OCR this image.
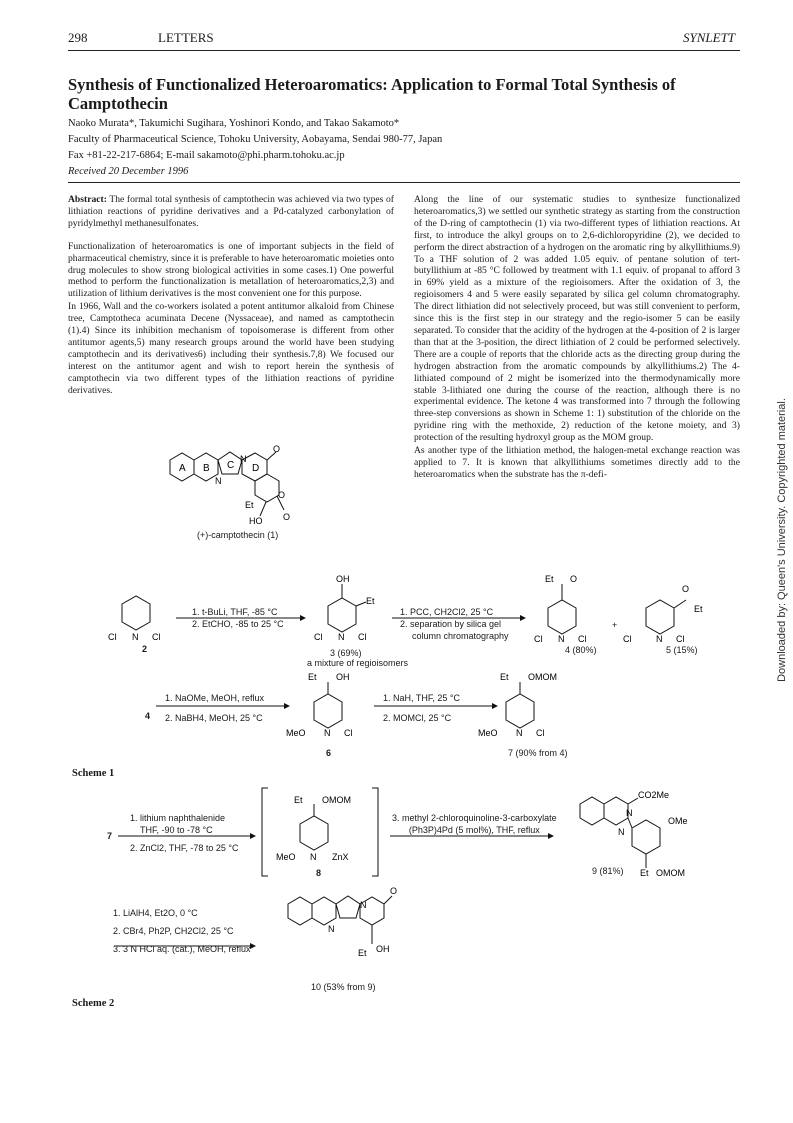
298	LETTERS	SYNLETT
Synthesis of Functionalized Heteroaromatics: Application to Formal Total Synthesis of Camptothecin
Naoko Murata*, Takumichi Sugihara, Yoshinori Kondo, and Takao Sakamoto*
Faculty of Pharmaceutical Science, Tohoku University, Aobayama, Sendai 980-77, Japan
Fax +81-22-217-6864; E-mail sakamoto@phi.pharm.tohoku.ac.jp
Received 20 December 1996

Abstract: The formal total synthesis of camptothecin was achieved via two types of lithiation reactions of pyridine derivatives and a Pd-catalyzed carbonylation of pyridylmethyl methanesulfonates.

Functionalization of heteroaromatics is one of important subjects in the field of pharmaceutical chemistry, since it is preferable to have heteroaromatic moieties onto drug molecules to show strong biological activities in some cases.1) One powerful method to perform the functionalization is metallation of heteroaromatics,2,3) and utilization of lithium derivatives is the most convenient one for this purpose.

In 1966, Wall and the co-workers isolated a potent antitumor alkaloid from Chinese tree, Camptotheca acuminata Decene (Nyssaceae), and named as camptothecin (1).4) Since its inhibition mechanism of topoisomerase is different from other antitumor agents,5) many research groups around the world have been studying camptothecin and its derivatives6) including their synthesis.7,8) We focused our interest on the antitumor agent and wish to report herein the synthesis of camptothecin via two different types of the lithiation reactions of pyridine derivatives.

Along the line of our systematic studies to synthesize functionalized heteroaromatics,3) we settled our synthetic strategy as starting from the construction of the D-ring of camptothecin (1) via two-different types of lithiation reactions. At first, to introduce the alkyl groups on to 2,6-dichloropyridine (2), we decided to perform the direct abstraction of a hydrogen on the aromatic ring by alkyllithiums.9) To a THF solution of 2 was added 1.05 equiv. of pentane solution of tert-butyllithium at -85 °C followed by treatment with 1.1 equiv. of propanal to afford 3 in 69% yield as a mixture of the regioisomers. After the oxidation of 3, the regioisomers 4 and 5 were easily separated by silica gel column chromatography. The direct lithiation did not selectively proceed, but was still convenient to perform, since this is the first step in our strategy and the regio-isomer 5 can be easily separated. To consider that the acidity of the hydrogen at the 4-position of 2 is larger than that at the 3-position, the direct lithiation of 2 could be performed selectively. There are a couple of reports that the chloride acts as the directing group during the hydrogen abstraction from the aromatic compounds by alkyllithiums.2) The 4-lithiated compound of 2 might be isomerized into the thermodynamically more stable 3-lithiated one during the course of the reaction, although there is no experimental evidence. The ketone 4 was transformed into 7 through the following three-step conversions as shown in Scheme 1: 1) substitution of the chloride on the pyridine ring with the methoxide, 2) reduction of the ketone moiety, and 3) protection of the resulting hydroxyl group as the MOM group.

As another type of the lithiation method, the halogen-metal exchange reaction was applied to 7. It is known that alkyllithiums sometimes directly add to the heteroaromatics when the substrate has the π-defi-

A B C D
N
N
O
O
O
Et
HO
(+)-camptothecin (1)
Cl N Cl	Cl N Cl
OH
Et
Et O
Cl N Cl	Cl	N Cl
O
Et
Et OH
MeO N Cl
Et OMOM
MeO N Cl
1. t-BuLi, THF, -85 °C
2. EtCHO, -85 to 25 °C
1. PCC, CH2Cl2, 25 °C
2. separation by silica gel
column chromatography
2	3 (69%)
a mixture of regioisomers
4 (80%)
+
5 (15%)
4
1. NaOMe, MeOH, reflux
2. NaBH4, MeOH, 25 °C
1. NaH, THF, 25 °C
2. MOMCl, 25 °C
6	7 (90% from 4)
Scheme 1
Et OMOM
MeO N ZnX
CO2Me
N
N
OMe
Et OMOM
N
N
O
Et OH
7
1. lithium naphthalenide
THF, -90 to -78 °C
2. ZnCl2, THF, -78 to 25 °C
8
3. methyl 2-chloroquinoline-3-carboxylate
(Ph3P)4Pd (5 mol%), THF, reflux
9 (81%)
1. LiAlH4, Et2O, 0 °C
2. CBr4, Ph2P, CH2Cl2, 25 °C
3. 3 N HCl aq. (cat.), MeOH, reflux
10 (53% from 9)
Scheme 2
Downloaded by: Queen's University. Copyrighted material.
